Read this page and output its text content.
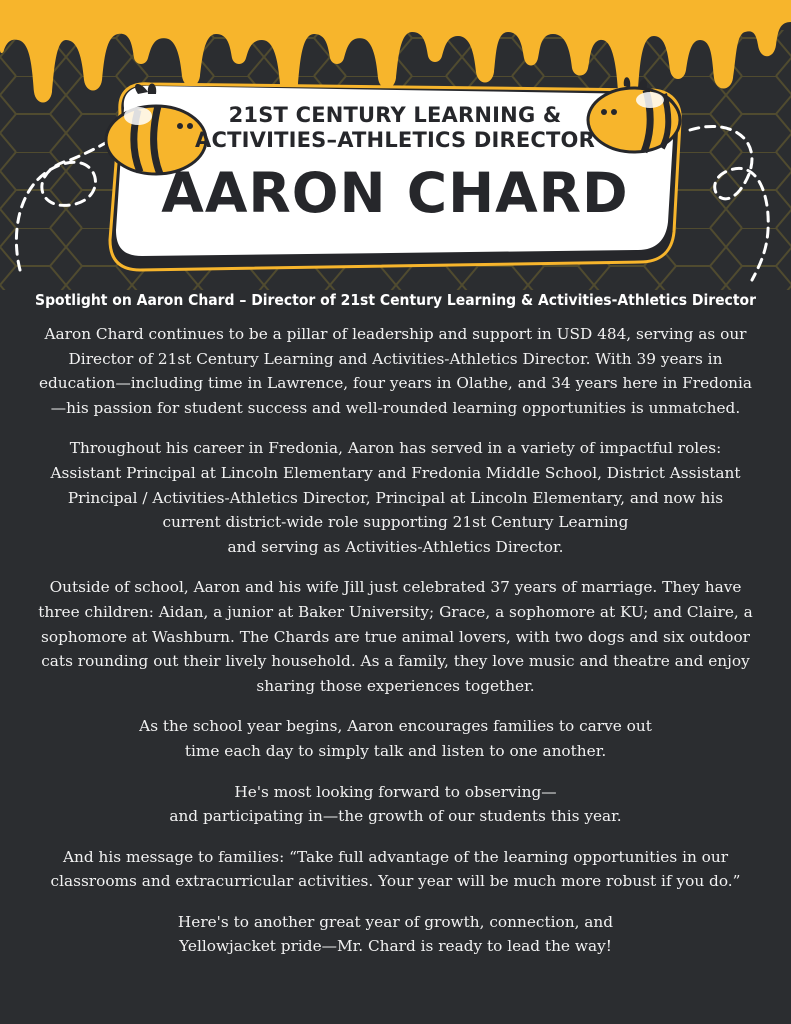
21ST CENTURY LEARNING &
ACTIVITIES–ATHLETICS DIRECTOR
AARON CHARD
Spotlight on Aaron Chard – Director of 21st Century Learning & Activities-Athletics Director

Aaron Chard continues to be a pillar of leadership and support in USD 484, serving as our
Director of 21st Century Learning and Activities-Athletics Director. With 39 years in
education—including time in Lawrence, four years in Olathe, and 34 years here in Fredonia
—his passion for student success and well-rounded learning opportunities is unmatched.

Throughout his career in Fredonia, Aaron has served in a variety of impactful roles:
Assistant Principal at Lincoln Elementary and Fredonia Middle School, District Assistant
Principal / Activities-Athletics Director, Principal at Lincoln Elementary, and now his
current district-wide role supporting 21st Century Learning
and serving as Activities-Athletics Director.

Outside of school, Aaron and his wife Jill just celebrated 37 years of marriage. They have
three children: Aidan, a junior at Baker University; Grace, a sophomore at KU; and Claire, a
sophomore at Washburn. The Chards are true animal lovers, with two dogs and six outdoor
cats rounding out their lively household. As a family, they love music and theatre and enjoy
sharing those experiences together.

As the school year begins, Aaron encourages families to carve out
time each day to simply talk and listen to one another.

He's most looking forward to observing—
and participating in—the growth of our students this year.

And his message to families: “Take full advantage of the learning opportunities in our
classrooms and extracurricular activities. Your year will be much more robust if you do.”

Here's to another great year of growth, connection, and
Yellowjacket pride—Mr. Chard is ready to lead the way!
